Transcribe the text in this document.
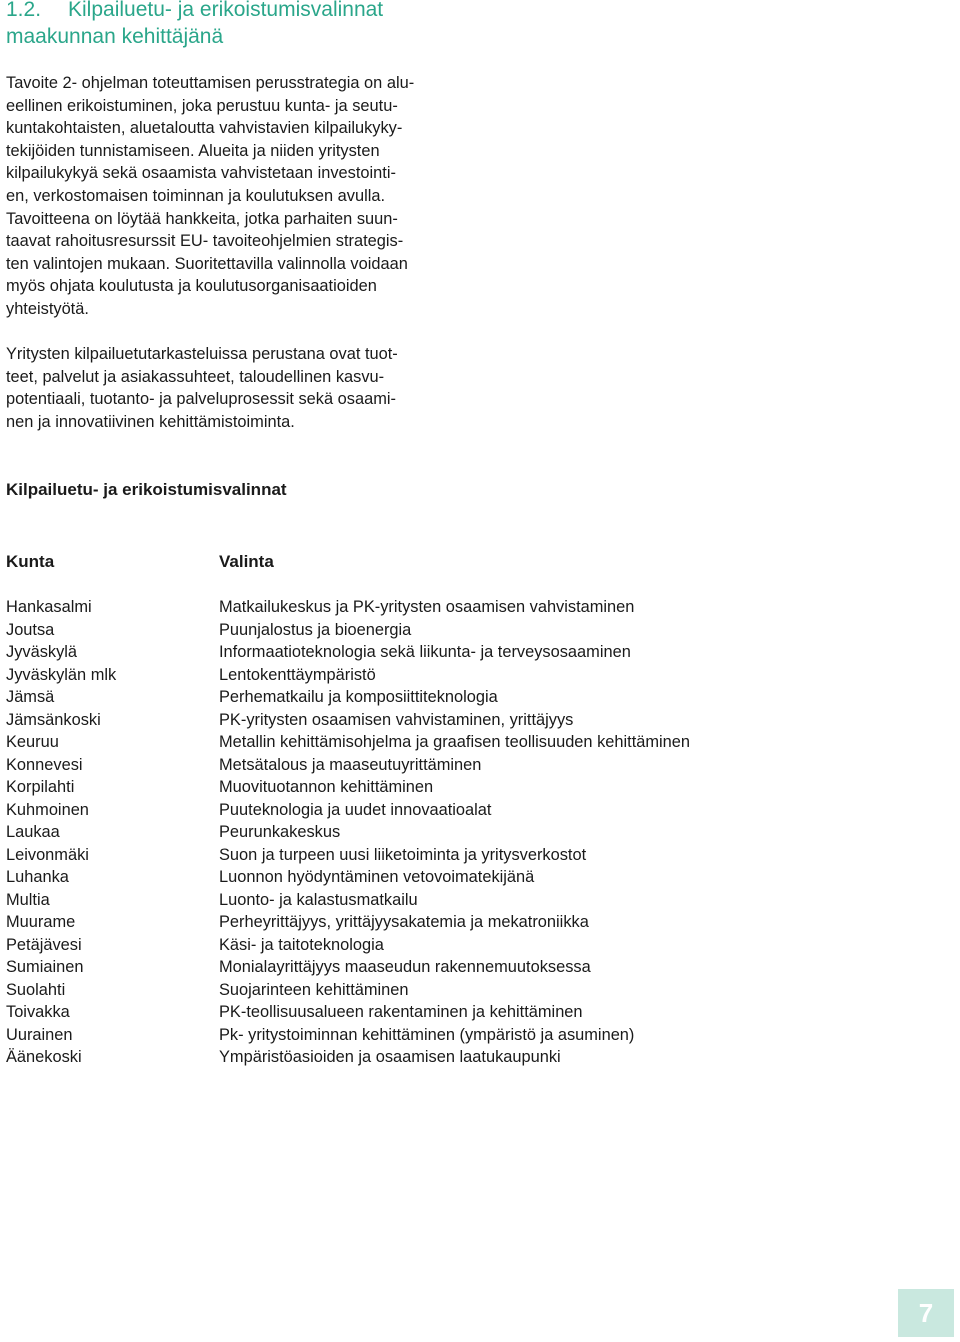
1.2. Kilpailuetu- ja erikoistumisvalinnat
maakunnan kehittäjänä
Tavoite 2- ohjelman toteuttamisen perusstrategia on alu-
eellinen erikoistuminen, joka perustuu kunta- ja seutu-
kuntakohtaisten, aluetaloutta vahvistavien kilpailukyky-
tekijöiden tunnistamiseen. Alueita ja niiden yritysten
kilpailukykyä sekä osaamista vahvistetaan investointi-
en, verkostomaisen toiminnan ja koulutuksen avulla.
Tavoitteena on löytää hankkeita, jotka parhaiten suun-
taavat rahoitusresurssit EU- tavoiteohjelmien strategis-
ten valintojen mukaan. Suoritettavilla valinnolla voidaan
myös ohjata koulutusta ja koulutusorganisaatioiden
yhteistyötä.
Yritysten kilpailuetutarkasteluissa perustana ovat tuot-
teet, palvelut ja asiakassuhteet, taloudellinen kasvu-
potentiaali, tuotanto- ja palveluprosessit sekä osaami-
nen ja innovatiivinen kehittämistoiminta.
Kilpailuetu- ja erikoistumisvalinnat
Kunta	Valinta
Hankasalmi	Matkailukeskus ja PK-yritysten osaamisen vahvistaminen
Joutsa	Puunjalostus ja bioenergia
Jyväskylä	Informaatioteknologia sekä liikunta- ja terveysosaaminen
Jyväskylän mlk	Lentokenttäympäristö
Jämsä	Perhematkailu ja komposiittiteknologia
Jämsänkoski	PK-yritysten osaamisen vahvistaminen, yrittäjyys
Keuruu	Metallin kehittämisohjelma ja graafisen teollisuuden kehittäminen
Konnevesi	Metsätalous ja maaseutuyrittäminen
Korpilahti	Muovituotannon kehittäminen
Kuhmoinen	Puuteknologia ja uudet innovaatioalat
Laukaa	Peurunkakeskus
Leivonmäki	Suon ja turpeen uusi liiketoiminta ja yritysverkostot
Luhanka	Luonnon hyödyntäminen vetovoimatekijänä
Multia	Luonto- ja kalastusmatkailu
Muurame	Perheyrittäjyys, yrittäjyysakatemia ja mekatroniikka
Petäjävesi	Käsi- ja taitoteknologia
Sumiainen	Monialayrittäjyys maaseudun rakennemuutoksessa
Suolahti	Suojarinteen kehittäminen
Toivakka	PK-teollisuusalueen rakentaminen ja kehittäminen
Uurainen	Pk- yritystoiminnan kehittäminen (ympäristö ja asuminen)
Äänekoski	Ympäristöasioiden ja osaamisen laatukaupunki
7
